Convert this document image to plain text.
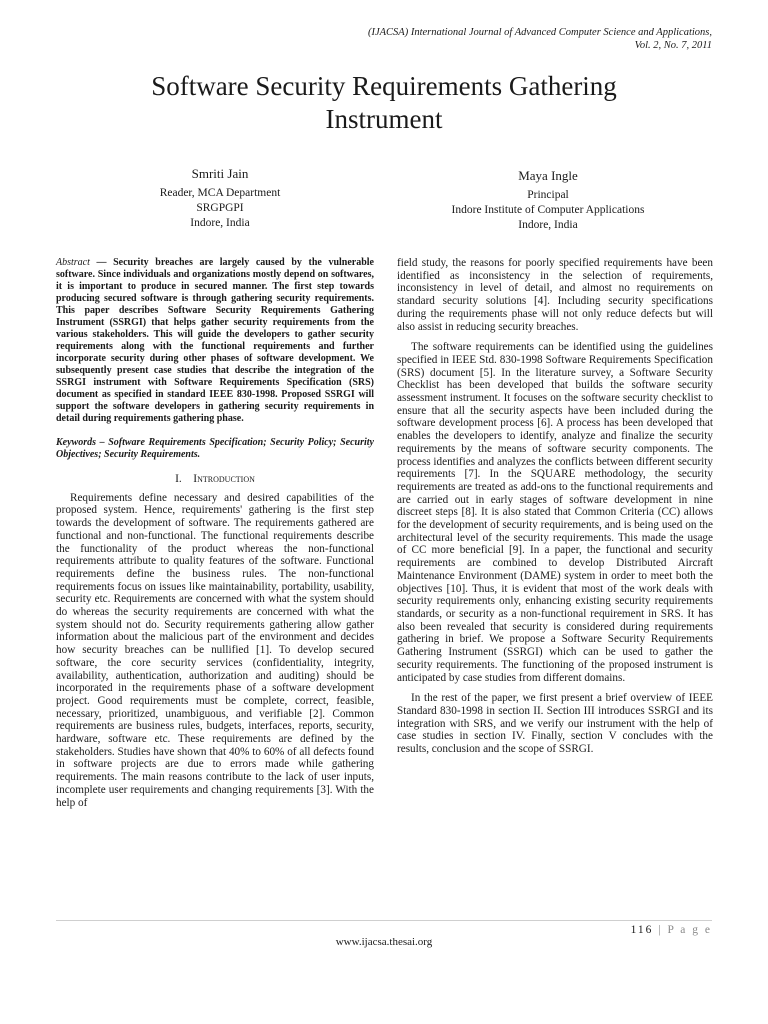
(IJACSA) International Journal of Advanced Computer Science and Applications,
Vol. 2, No. 7, 2011
Software Security Requirements Gathering
Instrument
Smriti Jain
Reader, MCA Department
SRGPGPI
Indore, India
Maya Ingle
Principal
Indore Institute of Computer Applications
Indore, India

Abstract — Security breaches are largely caused by the vulnerable software. Since individuals and organizations mostly depend on softwares, it is important to produce in secured manner. The first step towards producing secured software is through gathering security requirements. This paper describes Software Security Requirements Gathering Instrument (SSRGI) that helps gather security requirements from the various stakeholders. This will guide the developers to gather security requirements along with the functional requirements and further incorporate security during other phases of software development. We subsequently present case studies that describe the integration of the SSRGI instrument with Software Requirements Specification (SRS) document as specified in standard IEEE 830-1998. Proposed SSRGI will support the software developers in gathering security requirements in detail during requirements gathering phase.

Keywords – Software Requirements Specification; Security Policy; Security Objectives; Security Requirements.

I. Introduction

Requirements define necessary and desired capabilities of the proposed system. Hence, requirements' gathering is the first step towards the development of software. The requirements gathered are functional and non-functional. The functional requirements describe the functionality of the product whereas the non-functional requirements attribute to quality features of the software. Functional requirements define the business rules. The non-functional requirements focus on issues like maintainability, portability, usability, security etc. Requirements are concerned with what the system should do whereas the security requirements are concerned with what the system should not do. Security requirements gathering allow gather information about the malicious part of the environment and decides how security breaches can be nullified [1]. To develop secured software, the core security services (confidentiality, integrity, availability, authentication, authorization and auditing) should be incorporated in the requirements phase of a software development project. Good requirements must be complete, correct, feasible, necessary, prioritized, unambiguous, and verifiable [2]. Common requirements are business rules, budgets, interfaces, reports, security, hardware, software etc. These requirements are defined by the stakeholders. Studies have shown that 40% to 60% of all defects found in software projects are due to errors made while gathering requirements. The main reasons contribute to the lack of user inputs, incomplete user requirements and changing requirements [3]. With the help of

field study, the reasons for poorly specified requirements have been identified as inconsistency in the selection of requirements, inconsistency in level of detail, and almost no requirements on standard security solutions [4]. Including security specifications during the requirements phase will not only reduce defects but will also assist in reducing security breaches.

The software requirements can be identified using the guidelines specified in IEEE Std. 830-1998 Software Requirements Specification (SRS) document [5]. In the literature survey, a Software Security Checklist has been developed that builds the software security assessment instrument. It focuses on the software security checklist to ensure that all the security aspects have been included during the software development process [6]. A process has been developed that enables the developers to identify, analyze and finalize the security requirements by the means of software security components. The process identifies and analyzes the conflicts between different security requirements [7]. In the SQUARE methodology, the security requirements are treated as add-ons to the functional requirements and are carried out in early stages of software development in nine discreet steps [8]. It is also stated that Common Criteria (CC) allows for the development of security requirements, and is being used on the architectural level of the security requirements. This made the usage of CC more beneficial [9]. In a paper, the functional and security requirements are combined to develop Distributed Aircraft Maintenance Environment (DAME) system in order to meet both the objectives [10]. Thus, it is evident that most of the work deals with security requirements only, enhancing existing security requirements standards, or security as a non-functional requirement in SRS. It has also been revealed that security is considered during requirements gathering in brief. We propose a Software Security Requirements Gathering Instrument (SSRGI) which can be used to gather the security requirements. The functioning of the proposed instrument is anticipated by case studies from different domains.

In the rest of the paper, we first present a brief overview of IEEE Standard 830-1998 in section II. Section III introduces SSRGI and its integration with SRS, and we verify our instrument with the help of case studies in section IV. Finally, section V concludes with the results, conclusion and the scope of SSRGI.

116 | P a g e
www.ijacsa.thesai.org
